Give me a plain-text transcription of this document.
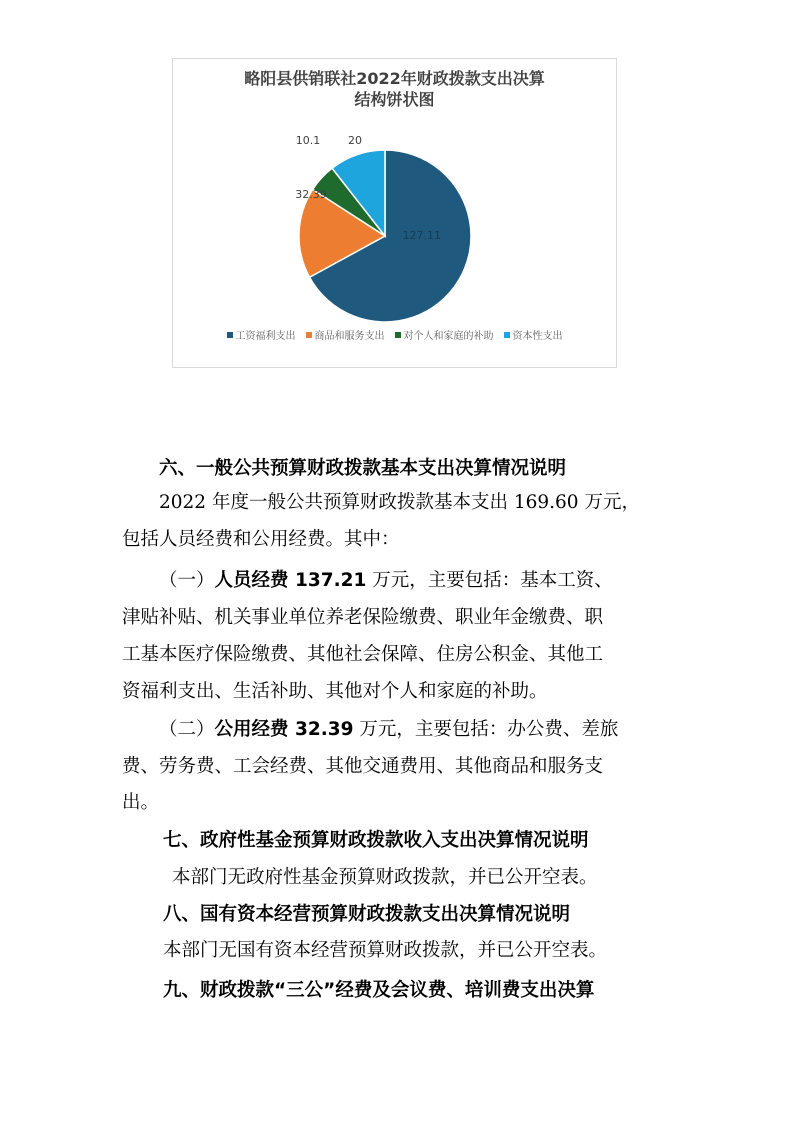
略阳县供销联社2022年财政拨款支出决算
结构饼状图
127.11
32.39
10.1	20
工资福利支出 商品和服务支出 对个人和家庭的补助 资本性支出
六、一般公共预算财政拨款基本支出决算情况说明
2022 年度一般公共预算财政拨款基本支出 169.60 万元，
包括人员经费和公用经费。其中：
（一）人员经费 137.21 万元，主要包括：基本工资、
津贴补贴、机关事业单位养老保险缴费、职业年金缴费、职
工基本医疗保险缴费、其他社会保障、住房公积金、其他工
资福利支出、生活补助、其他对个人和家庭的补助。
（二）公用经费 32.39 万元，主要包括：办公费、差旅
费、劳务费、工会经费、其他交通费用、其他商品和服务支
出。
七、政府性基金预算财政拨款收入支出决算情况说明
本部门无政府性基金预算财政拨款，并已公开空表。
八、国有资本经营预算财政拨款支出决算情况说明
本部门无国有资本经营预算财政拨款，并已公开空表。
九、财政拨款“三公”经费及会议费、培训费支出决算
